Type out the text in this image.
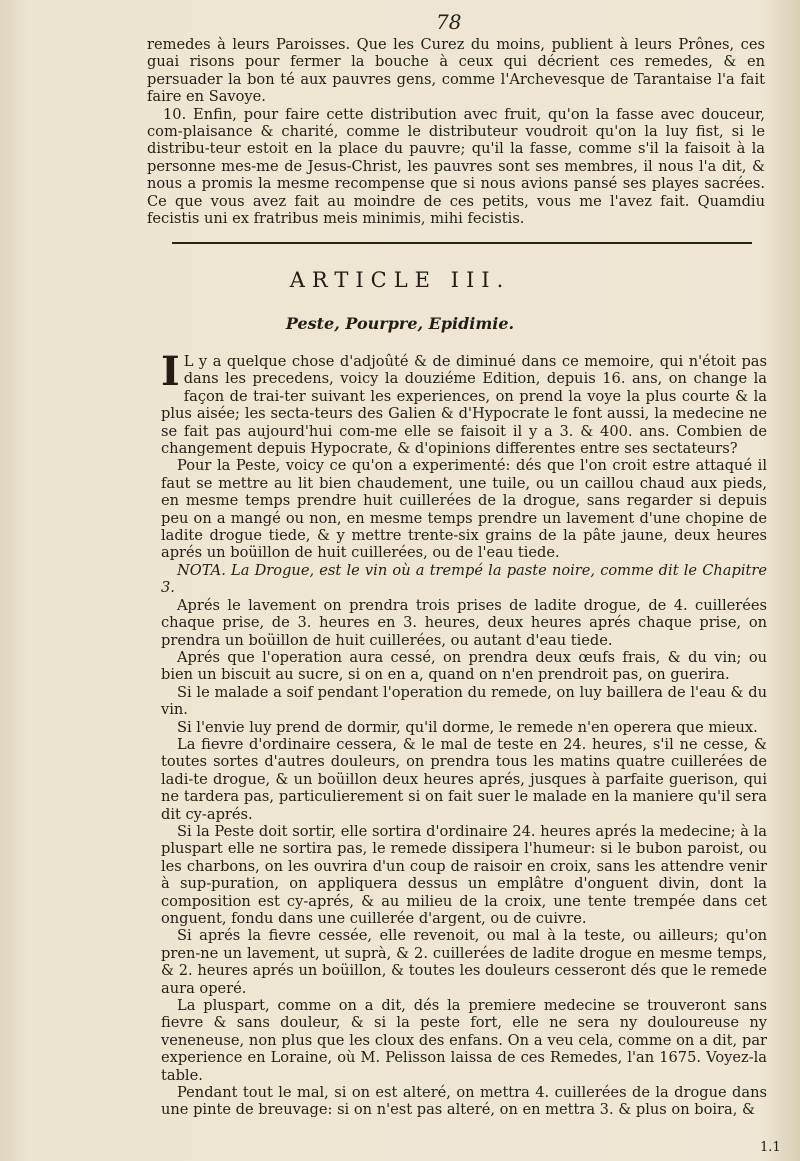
78

remedes à leurs Paroisses. Que les Curez du moins, publient à leurs Prônes, ces guai risons pour fermer la bouche à ceux qui décrient ces remedes, & en persuader la bon té aux pauvres gens, comme l'Archevesque de Tarantaise l'a fait faire en Savoye.

10. Enfin, pour faire cette distribution avec fruit, qu'on la fasse avec douceur, com-plaisance & charité, comme le distributeur voudroit qu'on la luy fist, si le distribu-teur estoit en la place du pauvre; qu'il la fasse, comme s'il la faisoit à la personne mes-me de Jesus-Christ, les pauvres sont ses membres, il nous l'a dit, & nous a promis la mesme recompense que si nous avions pansé ses playes sacrées. Ce que vous avez fait au moindre de ces petits, vous me l'avez fait. Quamdiu fecistis uni ex fratribus meis minimis, mihi fecistis.

ARTICLE III.
Peste, Pourpre, Epidimie.

I L y a quelque chose d'adjoûté & de diminué dans ce memoire, qui n'étoit pas dans les precedens, voicy la douziéme Edition, depuis 16. ans, on change la façon de trai-ter suivant les experiences, on prend la voye la plus courte & la plus aisée; les secta-teurs des Galien & d'Hypocrate le font aussi, la medecine ne se fait pas aujourd'hui com-me elle se faisoit il y a 3. & 400. ans. Combien de changement depuis Hypocrate, & d'opinions differentes entre ses sectateurs?

Pour la Peste, voicy ce qu'on a experimenté: dés que l'on croit estre attaqué il faut se mettre au lit bien chaudement, une tuile, ou un caillou chaud aux pieds, en mesme temps prendre huit cuillerées de la drogue, sans regarder si depuis peu on a mangé ou non, en mesme temps prendre un lavement d'une chopine de ladite drogue tiede, & y mettre trente-six grains de la pâte jaune, deux heures aprés un boüillon de huit cuillerées, ou de l'eau tiede.

NOTA. La Drogue, est le vin où a trempé la paste noire, comme dit le Chapitre 3.

Aprés le lavement on prendra trois prises de ladite drogue, de 4. cuillerées chaque prise, de 3. heures en 3. heures, deux heures aprés chaque prise, on prendra un boüillon de huit cuillerées, ou autant d'eau tiede.

Aprés que l'operation aura cessé, on prendra deux œufs frais, & du vin; ou bien un biscuit au sucre, si on en a, quand on n'en prendroit pas, on guerira.

Si le malade a soif pendant l'operation du remede, on luy baillera de l'eau & du vin.

Si l'envie luy prend de dormir, qu'il dorme, le remede n'en operera que mieux.

La fievre d'ordinaire cessera, & le mal de teste en 24. heures, s'il ne cesse, & toutes sortes d'autres douleurs, on prendra tous les matins quatre cuillerées de ladi-te drogue, & un boüillon deux heures aprés, jusques à parfaite guerison, qui ne tardera pas, particulierement si on fait suer le malade en la maniere qu'il sera dit cy-aprés.

Si la Peste doit sortir, elle sortira d'ordinaire 24. heures aprés la medecine; à la pluspart elle ne sortira pas, le remede dissipera l'humeur: si le bubon paroist, ou les charbons, on les ouvrira d'un coup de raisoir en croix, sans les attendre venir à sup-puration, on appliquera dessus un emplâtre d'onguent divin, dont la composition est cy-aprés, & au milieu de la croix, une tente trempée dans cet onguent, fondu dans une cuillerée d'argent, ou de cuivre.

Si aprés la fievre cessée, elle revenoit, ou mal à la teste, ou ailleurs; qu'on pren-ne un lavement, ut suprà, & 2. cuillerées de ladite drogue en mesme temps, & 2. heures aprés un boüillon, & toutes les douleurs cesseront dés que le remede aura operé.

La pluspart, comme on a dit, dés la premiere medecine se trouveront sans fievre & sans douleur, & si la peste fort, elle ne sera ny douloureuse ny veneneuse, non plus que les cloux des enfans. On a veu cela, comme on a dit, par experience en Loraine, où M. Pelisson laissa de ces Remedes, l'an 1675. Voyez-la table.

Pendant tout le mal, si on est alteré, on mettra 4. cuillerées de la drogue dans une pinte de breuvage: si on n'est pas alteré, on en mettra 3. & plus on boira, &

1.1
